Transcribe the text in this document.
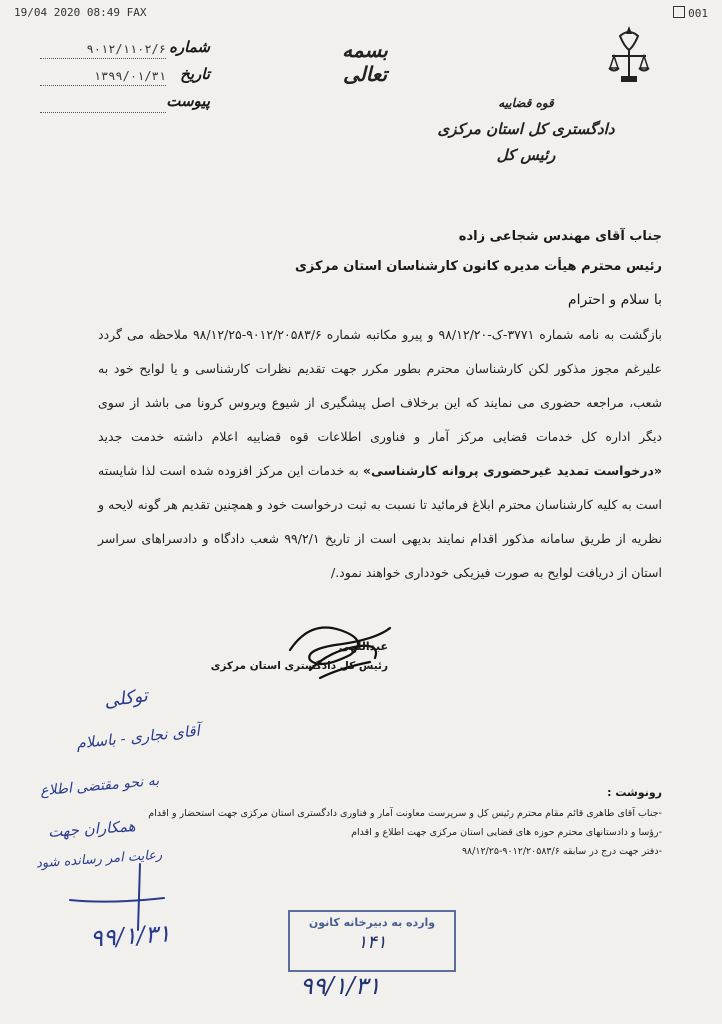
19/04 2020 08:49 FAX	001
قوه قضاییه
دادگستری کل استان مرکزی
رئیس کل
بسمه تعالی
شماره
۹۰۱۲/۱۱۰۲/۶
تاریخ
۱۳۹۹/۰۱/۳۱
پیوست
جناب آقای مهندس شجاعی زاده
رئیس محترم هیأت مدیره کانون کارشناسان استان مرکزی
با سلام و احترام
بازگشت به نامه شماره ۳۷۷۱-ک-۹۸/۱۲/۲۰ و پیرو مکاتبه شماره ۹۰۱۲/۲۰۵۸۳/۶-۹۸/۱۲/۲۵ ملاحظه می گردد علیرغم مجوز مذکور لکن کارشناسان محترم بطور مکرر جهت تقدیم نظرات کارشناسی و یا لوایح خود به شعب، مراجعه حضوری می نمایند که این برخلاف اصل پیشگیری از شیوع ویروس کرونا می باشد از سوی دیگر اداره کل خدمات قضایی مرکز آمار و فناوری اطلاعات قوه قضاییه اعلام داشته خدمت جدید «درخواست تمدید غیرحضوری پروانه کارشناسی» به خدمات این مرکز افزوده شده است لذا شایسته است به کلیه کارشناسان محترم ابلاغ فرمائید تا نسبت به ثبت درخواست خود و همچنین تقدیم هر گونه لایحه و نظریه از طریق سامانه مذکور اقدام نمایند بدیهی است از تاریخ ۹۹/۲/۱ شعب دادگاه و دادسراهای سراسر استان از دریافت لوایح به صورت فیزیکی خودداری خواهند نمود./
عبداللهی
رئیس کل دادگستری استان مرکزی
توکلی
آقای نجاری - باسلام
به نحو مقتضی اطلاع
همکاران جهت
رعایت امر رسانده شود
۹۹/۱/۳۱
رونوشت :
-جناب آقای طاهری قائم مقام محترم رئیس کل و سرپرست معاونت آمار و فناوری دادگستری استان مرکزی جهت استحضار و اقدام
-رؤسا و دادستانهای محترم حوزه های قضایی استان مرکزی جهت اطلاع و اقدام
-دفتر جهت درج در سابقه ۹۰۱۲/۲۰۵۸۳/۶-۹۸/۱۲/۲۵
وارده به دبیرخانه کانون
۱۴۱
۹۹/۱/۳۱
